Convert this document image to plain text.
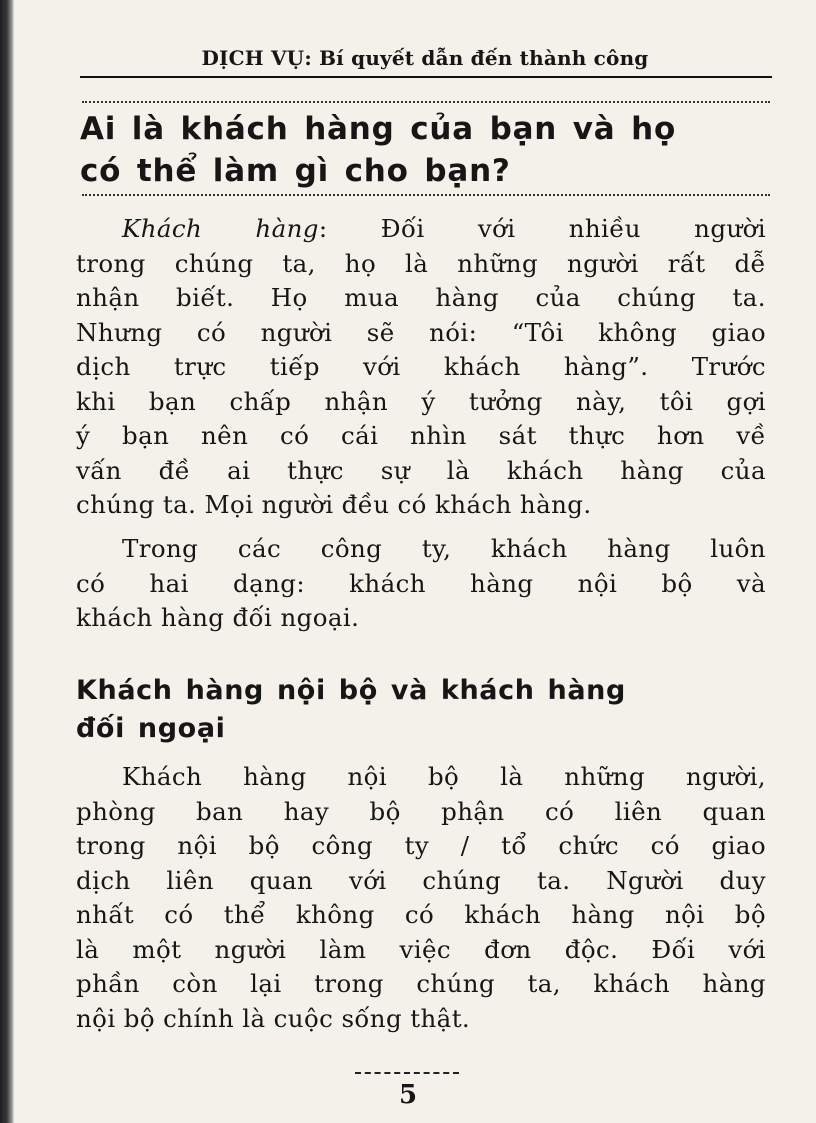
DỊCH VỤ: Bí quyết dẫn đến thành công
Ai là khách hàng của bạn và họ
có thể làm gì cho bạn?
Khách hàng: Đối với nhiều người
trong chúng ta, họ là những người rất dễ
nhận biết. Họ mua hàng của chúng ta.
Nhưng có người sẽ nói: “Tôi không giao
dịch trực tiếp với khách hàng”. Trước
khi bạn chấp nhận ý tưởng này, tôi gợi
ý bạn nên có cái nhìn sát thực hơn về
vấn đề ai thực sự là khách hàng của
chúng ta. Mọi người đều có khách hàng.
Trong các công ty, khách hàng luôn
có hai dạng: khách hàng nội bộ và
khách hàng đối ngoại.
Khách hàng nội bộ và khách hàng
đối ngoại
Khách hàng nội bộ là những người,
phòng ban hay bộ phận có liên quan
trong nội bộ công ty / tổ chức có giao
dịch liên quan với chúng ta. Người duy
nhất có thể không có khách hàng nội bộ
là một người làm việc đơn độc. Đối với
phần còn lại trong chúng ta, khách hàng
nội bộ chính là cuộc sống thật.
5
